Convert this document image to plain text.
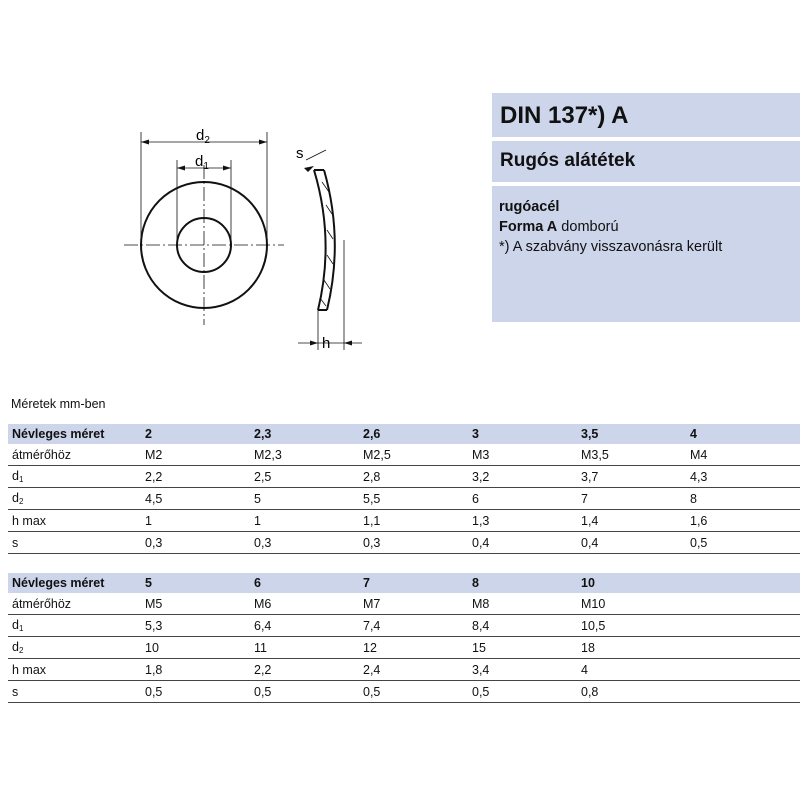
$d_2$
$d_1$
s
h
DIN 137*) A
Rugós alátétek
rugóacél
Forma A domború
*) A szabvány visszavonásra került
Méretek mm-ben
Névleges méret	2	2,3	2,6	3	3,5	4
átmérőhöz	M2	M2,3	M2,5	M3	M3,5	M4
$d_1$	2,2	2,5	2,8	3,2	3,7	4,3
$d_2$	4,5	5	5,5	6	7	8
h max	1	1	1,1	1,3	1,4	1,6
s	0,3	0,3	0,3	0,4	0,4	0,5
Névleges méret	5	6	7	8	10	
átmérőhöz	M5	M6	M7	M8	M10	
$d_1$	5,3	6,4	7,4	8,4	10,5	
$d_2$	10	11	12	15	18	
h max	1,8	2,2	2,4	3,4	4	
s	0,5	0,5	0,5	0,5	0,8	
